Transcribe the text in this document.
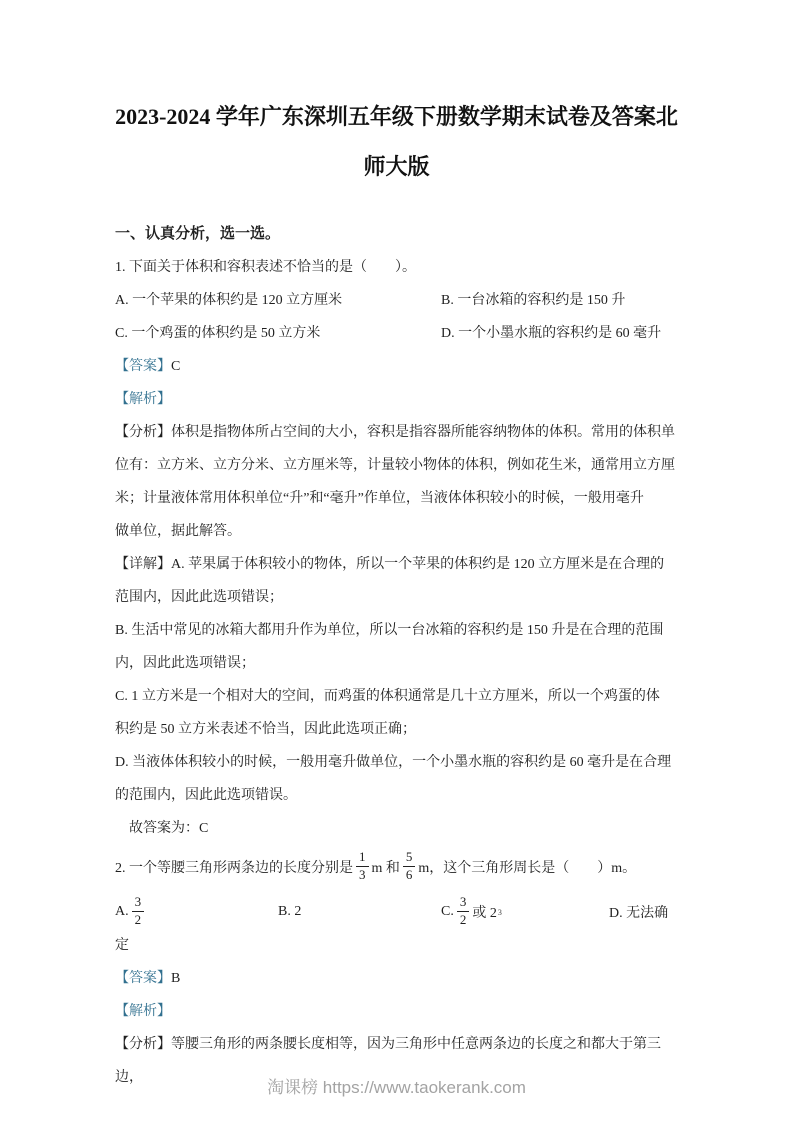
2023-2024 学年广东深圳五年级下册数学期末试卷及答案北
师大版
一、认真分析，选一选。

1. 下面关于体积和容积表述不恰当的是（　　）。

A. 一个苹果的体积约是 120 立方厘米	B. 一台冰箱的容积约是 150 升
C. 一个鸡蛋的体积约是 50 立方米	D. 一个小墨水瓶的容积约是 60 毫升

【答案】C

【解析】

【分析】体积是指物体所占空间的大小，容积是指容器所能容纳物体的体积。常用的体积单

位有：立方米、立方分米、立方厘米等，计量较小物体的体积，例如花生米，通常用立方厘

米；计量液体常用体积单位“升”和“毫升”作单位，当液体体积较小的时候，一般用毫升

做单位，据此解答。

【详解】A. 苹果属于体积较小的物体，所以一个苹果的体积约是 120 立方厘米是在合理的

范围内，因此此选项错误；

B. 生活中常见的冰箱大都用升作为单位，所以一台冰箱的容积约是 150 升是在合理的范围

内，因此此选项错误；

C. 1 立方米是一个相对大的空间，而鸡蛋的体积通常是几十立方厘米，所以一个鸡蛋的体

积约是 50 立方米表述不恰当，因此此选项正确；

D. 当液体体积较小的时候，一般用毫升做单位，一个小墨水瓶的容积约是 60 毫升是在合理

的范围内，因此此选项错误。

故答案为：C

2. 一个等腰三角形两条边的长度分别是 $\frac{1}{3}$ m 和 $\frac{5}{6}$ m，这个三角形周长是（　　）m。
A. $\frac{3}{2}$	B. 2	C. $\frac{3}{2}$ 或 2 3	D. 无法确

定

【答案】B

【解析】

【分析】等腰三角形的两条腰长度相等，因为三角形中任意两条边的长度之和都大于第三边，

淘课榜 https://www.taokerank.com
